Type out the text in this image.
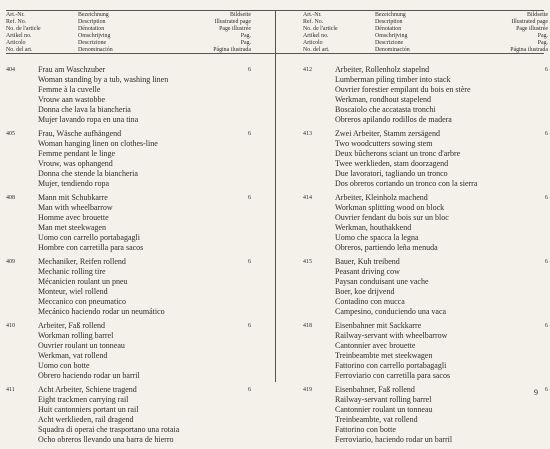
Art.-Nr.
Ref. No.
No. de l'article
Artikel no.
Articolo
No. del art.
Bezeichnung
Description
Dénotation
Omschrijving
Descrizione
Denominación
Bildseite
Illustrated page
Page illustrée
Pag.
Pag.
Página ilustrada
404	6
Frau am Waschzuber
Woman standing by a tub, washing linen
Femme à la cuvelle
Vrouw aan wastobbe
Donna che lava la biancheria
Mujer lavando ropa en una tina
405	6
Frau, Wäsche aufhängend
Woman hanging linen on clothes-line
Femme pendant le linge
Vrouw, was ophangend
Donna che stende la biancheria
Mujer, tendiendo ropa
408	6
Mann mit Schubkarre
Man with wheelbarrow
Homme avec brouette
Man met steekwagen
Uomo con carrello portabagagli
Hombre con carretilla para sacos
409	6
Mechaniker, Reifen rollend
Mechanic rolling tire
Mécanicien roulant un pneu
Monteur, wiel rollend
Meccanico con pneumatico
Mecánico haciendo rodar un neumático
410	6
Arbeiter, Faß rollend
Workman rolling barrel
Ouvrier roulant un tonneau
Werkman, vat rollend
Uomo con botte
Obrero haciendo rodar un barril
411	6
Acht Arbeiter, Schiene tragend
Eight trackmen carrying rail
Huit cantonniers portant un rail
Acht werklieden, rail dragend
Squadra di operai che trasportano una rotaia
Ocho obreros llevando una barra de hierro
Art.-Nr.
Ref. No.
No. de l'article
Artikel no.
Articolo
No. del art.
Bezeichnung
Description
Dénotation
Omschrijving
Descrizione
Denominación
Bildseite
Illustrated page
Page illustrée
Pag.
Pag.
Página ilustrada
412	6
Arbeiter, Rollenholz stapelnd
Lumberman piling timber into stack
Ouvrier forestier empilant du bois en stère
Werkman, rondhout stapelend
Boscaiolo che accatasta tronchi
Obreros apilando rodillos de madera
413	6
Zwei Arbeiter, Stamm zersägend
Two woodcutters sowing stem
Deux bûcherons sciant un tronc d'arbre
Twee werklieden, stam doorzagend
Due lavoratori, tagliando un tronco
Dos obreros cortando un tronco con la sierra
414	6
Arbeiter, Kleinholz machend
Workman splitting wood on block
Ouvrier fendant du bois sur un bloc
Werkman, houthakkend
Uomo che spacca la legna
Obreros, partiendo leña menuda
415	6
Bauer, Kuh treibend
Peasant driving cow
Paysan conduisant une vache
Boer, koe drijvend
Contadino con mucca
Campesino, conduciendo una vaca
418	6
Eisenbahner mit Sackkarre
Railway-servant with wheelbarrow
Cantonnier avec brouette
Treinbeambte met steekwagen
Fattorino con carrello portabagagli
Ferroviario con carretilla para sacos
419	6
Eisenbahner, Faß rollend
Railway-servant rolling barrel
Cantonnier roulant un tonneau
Treinbeambte, vat rollend
Fattorino con botte
Ferroviario, haciendo rodar un barril
9
